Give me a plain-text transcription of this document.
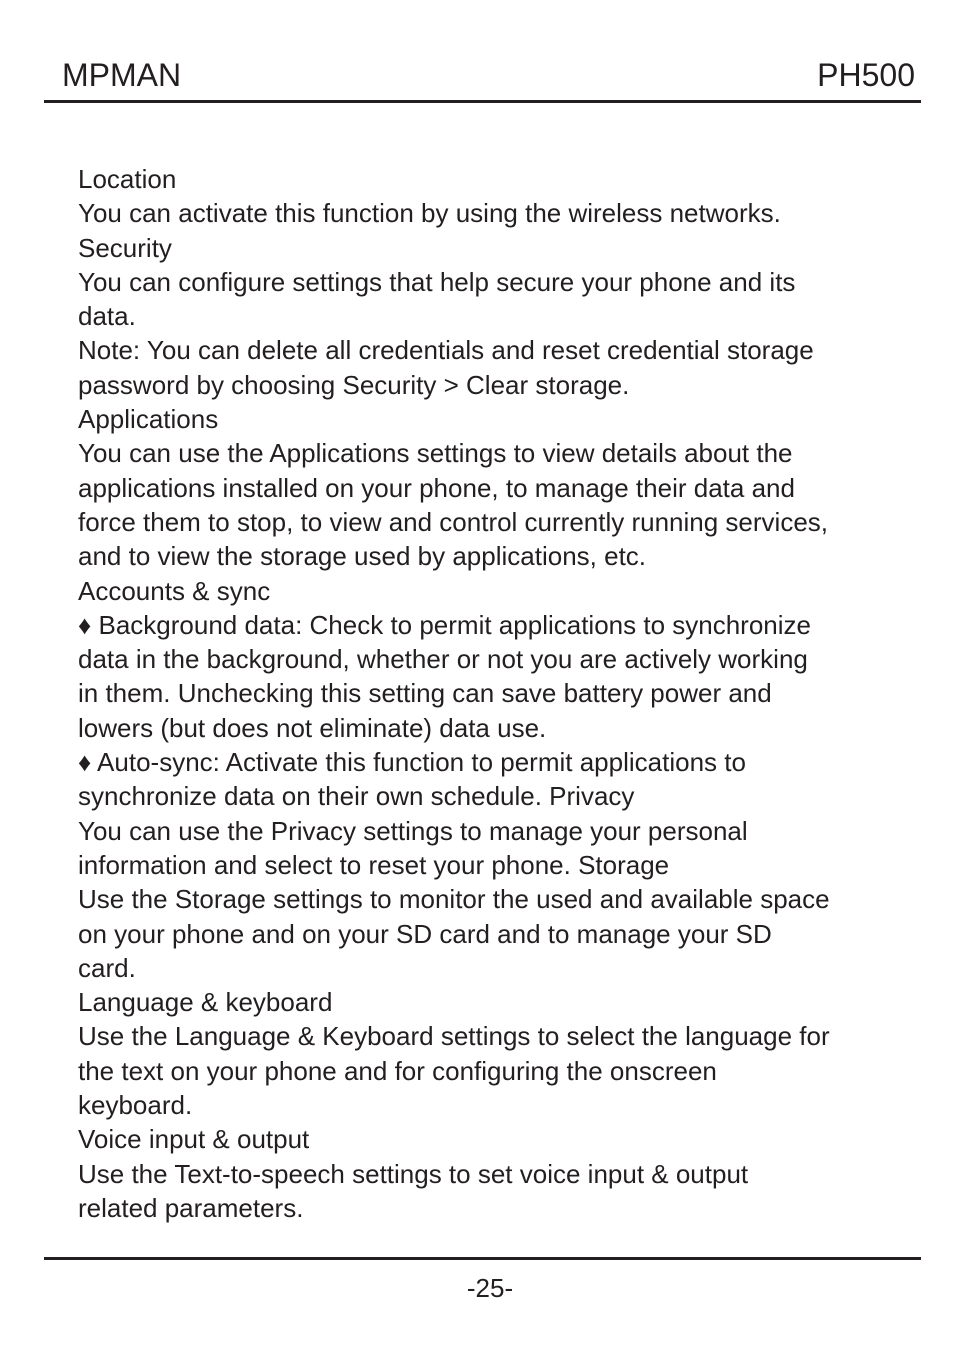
MPMAN	PH500
Location
You can activate this function by using the wireless networks.
Security
You can configure settings that help secure your phone and its
data.
Note: You can delete all credentials and reset credential storage
password by choosing Security > Clear storage.
Applications
You can use the Applications settings to view details about the
applications installed on your phone, to manage their data and
force them to stop, to view and control currently running services,
and to view the storage used by applications, etc.
Accounts & sync
♦ Background data: Check to permit applications to synchronize
data in the background, whether or not you are actively working
in them. Unchecking this setting can save battery power and
lowers (but does not eliminate) data use.
♦ Auto-sync: Activate this function to permit applications to
synchronize data on their own schedule. Privacy
You can use the Privacy settings to manage your personal
information and select to reset your phone. Storage
Use the Storage settings to monitor the used and available space
on your phone and on your SD card and to manage your SD
card.
Language & keyboard
Use the Language & Keyboard settings to select the language for
the text on your phone and for configuring the onscreen
keyboard.
Voice input & output
Use the Text-to-speech settings to set voice input & output
related parameters.
-25-
